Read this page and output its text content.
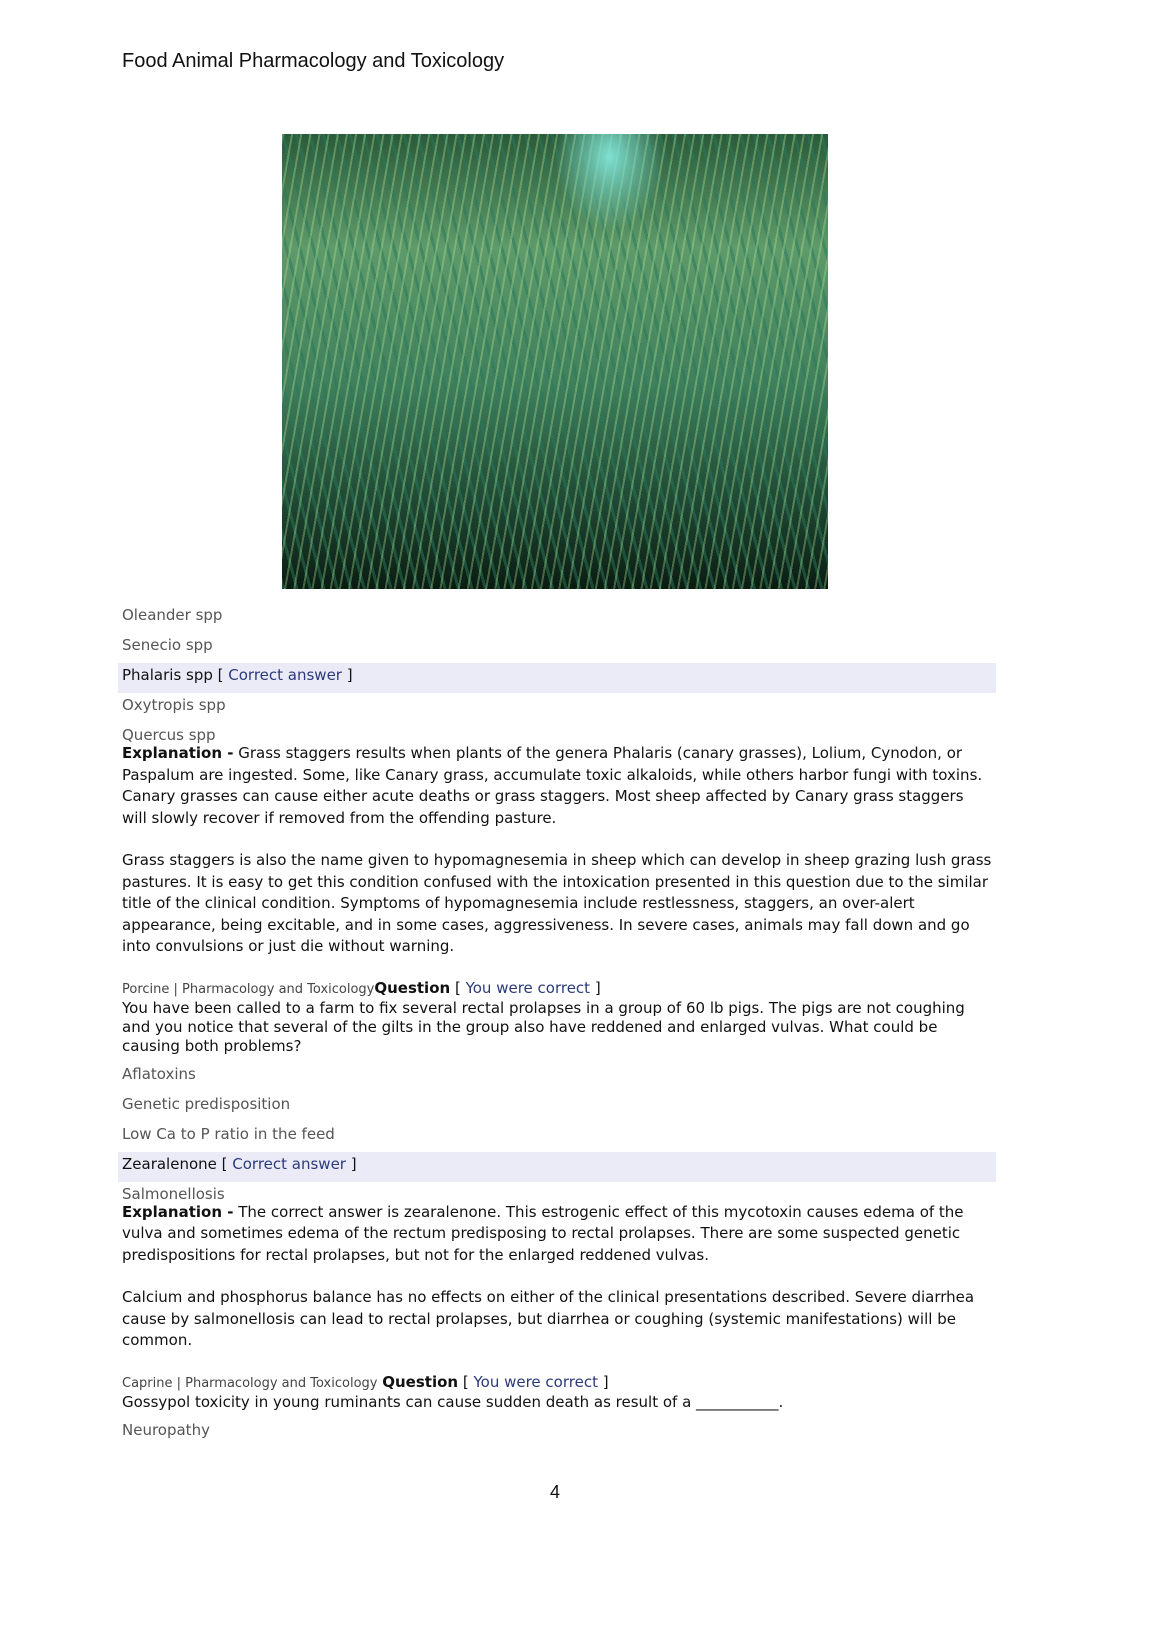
Food Animal Pharmacology and Toxicology
Oleander spp
Senecio spp
Phalaris spp [ Correct answer ]
Oxytropis spp
Quercus spp
Explanation - Grass staggers results when plants of the genera Phalaris (canary grasses), Lolium, Cynodon, or Paspalum are ingested. Some, like Canary grass, accumulate toxic alkaloids, while others harbor fungi with toxins. Canary grasses can cause either acute deaths or grass staggers. Most sheep affected by Canary grass staggers will slowly recover if removed from the offending pasture.
Grass staggers is also the name given to hypomagnesemia in sheep which can develop in sheep grazing lush grass pastures. It is easy to get this condition confused with the intoxication presented in this question due to the similar title of the clinical condition. Symptoms of hypomagnesemia include restlessness, staggers, an over-alert appearance, being excitable, and in some cases, aggressiveness. In severe cases, animals may fall down and go into convulsions or just die without warning.
Porcine | Pharmacology and ToxicologyQuestion [ You were correct ]
You have been called to a farm to fix several rectal prolapses in a group of 60 lb pigs. The pigs are not coughing and you notice that several of the gilts in the group also have reddened and enlarged vulvas. What could be causing both problems?
Aflatoxins
Genetic predisposition
Low Ca to P ratio in the feed
Zearalenone [ Correct answer ]
Salmonellosis
Explanation - The correct answer is zearalenone. This estrogenic effect of this mycotoxin causes edema of the vulva and sometimes edema of the rectum predisposing to rectal prolapses. There are some suspected genetic predispositions for rectal prolapses, but not for the enlarged reddened vulvas.
Calcium and phosphorus balance has no effects on either of the clinical presentations described. Severe diarrhea cause by salmonellosis can lead to rectal prolapses, but diarrhea or coughing (systemic manifestations) will be common.
Caprine | Pharmacology and Toxicology Question [ You were correct ]
Gossypol toxicity in young ruminants can cause sudden death as result of a ___________.
Neuropathy
4
